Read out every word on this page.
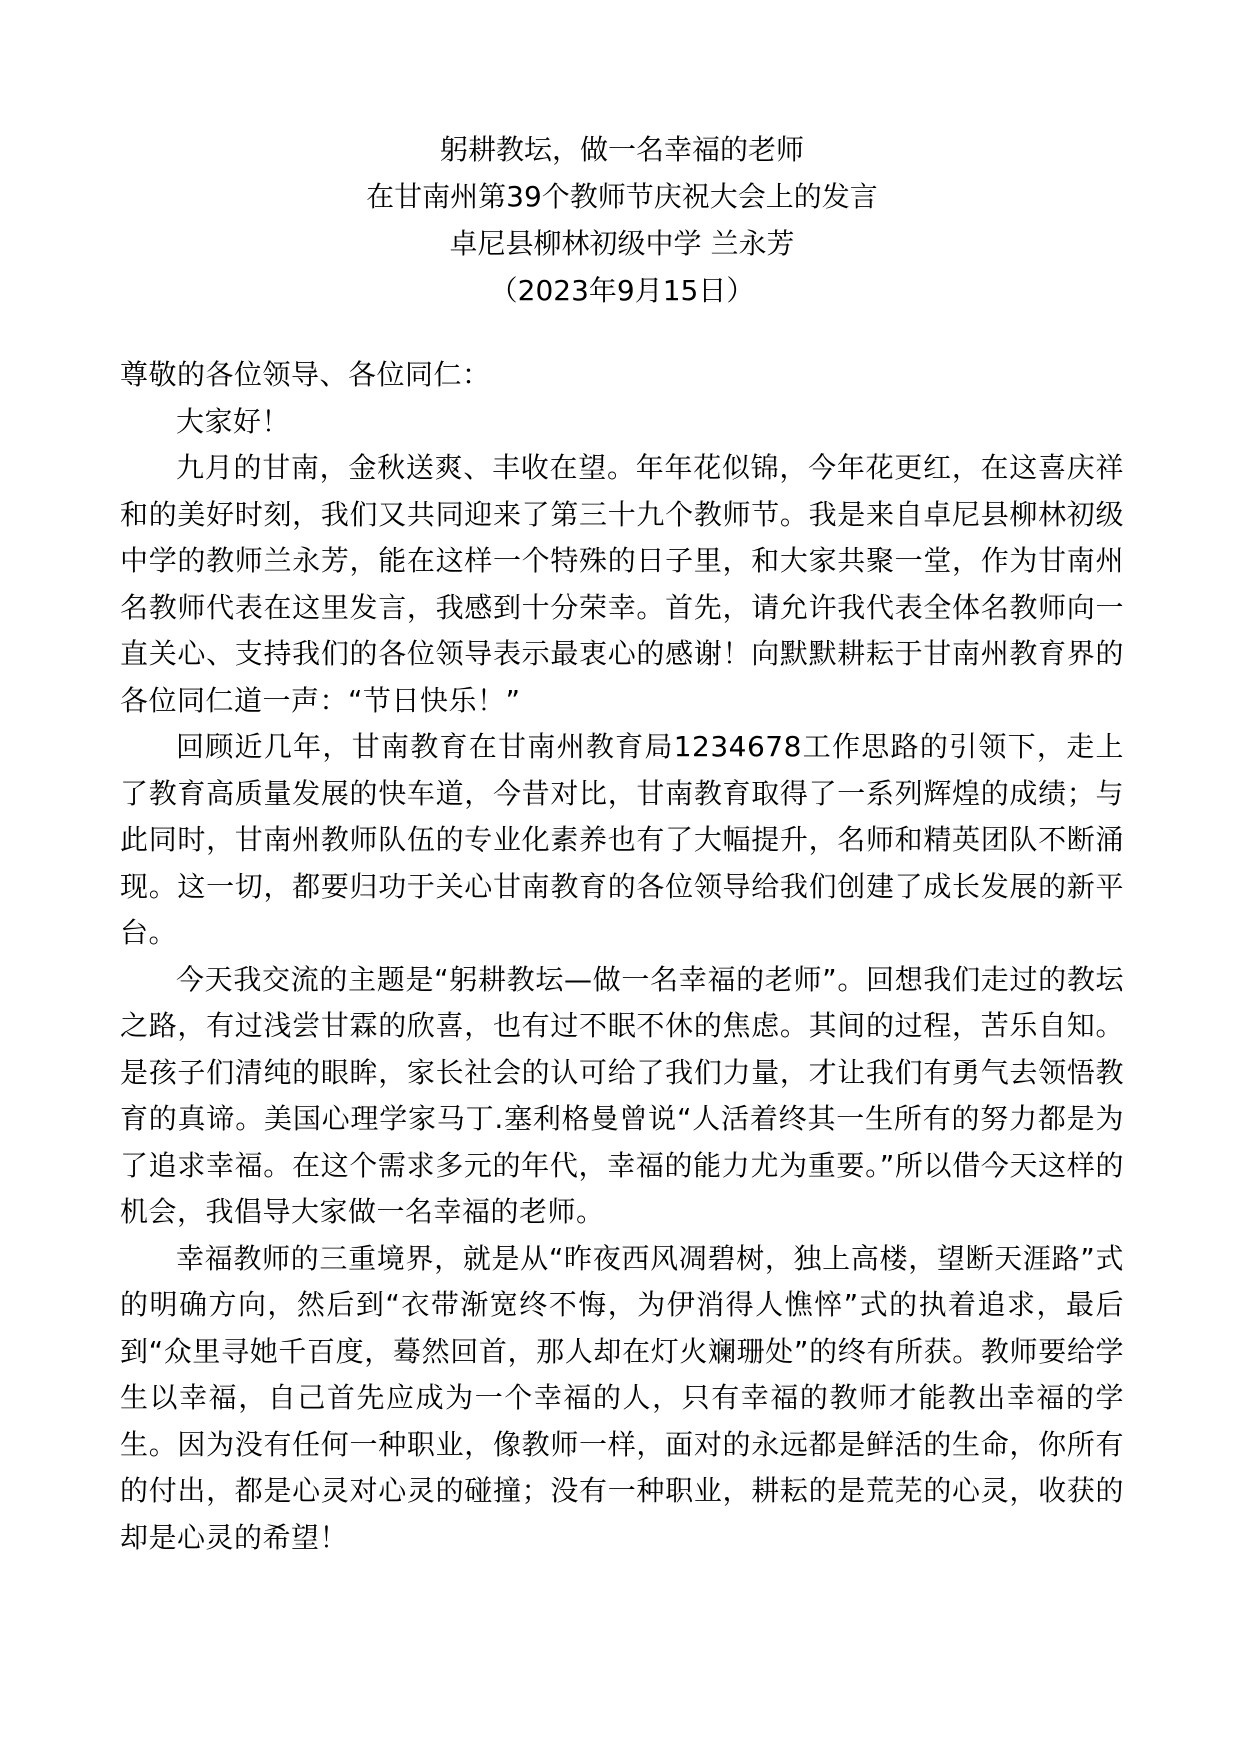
躬耕教坛，做一名幸福的老师
在甘南州第39个教师节庆祝大会上的发言
卓尼县柳林初级中学 兰永芳
（2023年9月15日）
尊敬的各位领导、各位同仁：

大家好！

九月的甘南，金秋送爽、丰收在望。年年花似锦，今年花更红，在这喜庆祥和的美好时刻，我们又共同迎来了第三十九个教师节。我是来自卓尼县柳林初级中学的教师兰永芳，能在这样一个特殊的日子里，和大家共聚一堂，作为甘南州名教师代表在这里发言，我感到十分荣幸。首先，请允许我代表全体名教师向一直关心、支持我们的各位领导表示最衷心的感谢！向默默耕耘于甘南州教育界的各位同仁道一声：“节日快乐！”

回顾近几年，甘南教育在甘南州教育局1234678工作思路的引领下，走上了教育高质量发展的快车道，今昔对比，甘南教育取得了一系列辉煌的成绩；与此同时，甘南州教师队伍的专业化素养也有了大幅提升，名师和精英团队不断涌现。这一切，都要归功于关心甘南教育的各位领导给我们创建了成长发展的新平台。

今天我交流的主题是“躬耕教坛—做一名幸福的老师”。回想我们走过的教坛之路，有过浅尝甘霖的欣喜，也有过不眠不休的焦虑。其间的过程，苦乐自知。是孩子们清纯的眼眸，家长社会的认可给了我们力量，才让我们有勇气去领悟教育的真谛。美国心理学家马丁.塞利格曼曾说“人活着终其一生所有的努力都是为了追求幸福。在这个需求多元的年代，幸福的能力尤为重要。”所以借今天这样的机会，我倡导大家做一名幸福的老师。

幸福教师的三重境界，就是从“昨夜西风凋碧树，独上高楼，望断天涯路”式的明确方向，然后到“衣带渐宽终不悔，为伊消得人憔悴”式的执着追求，最后到“众里寻她千百度，蓦然回首，那人却在灯火斓珊处”的终有所获。教师要给学生以幸福，自己首先应成为一个幸福的人，只有幸福的教师才能教出幸福的学生。因为没有任何一种职业，像教师一样，面对的永远都是鲜活的生命，你所有的付出，都是心灵对心灵的碰撞；没有一种职业，耕耘的是荒芜的心灵，收获的却是心灵的希望！
